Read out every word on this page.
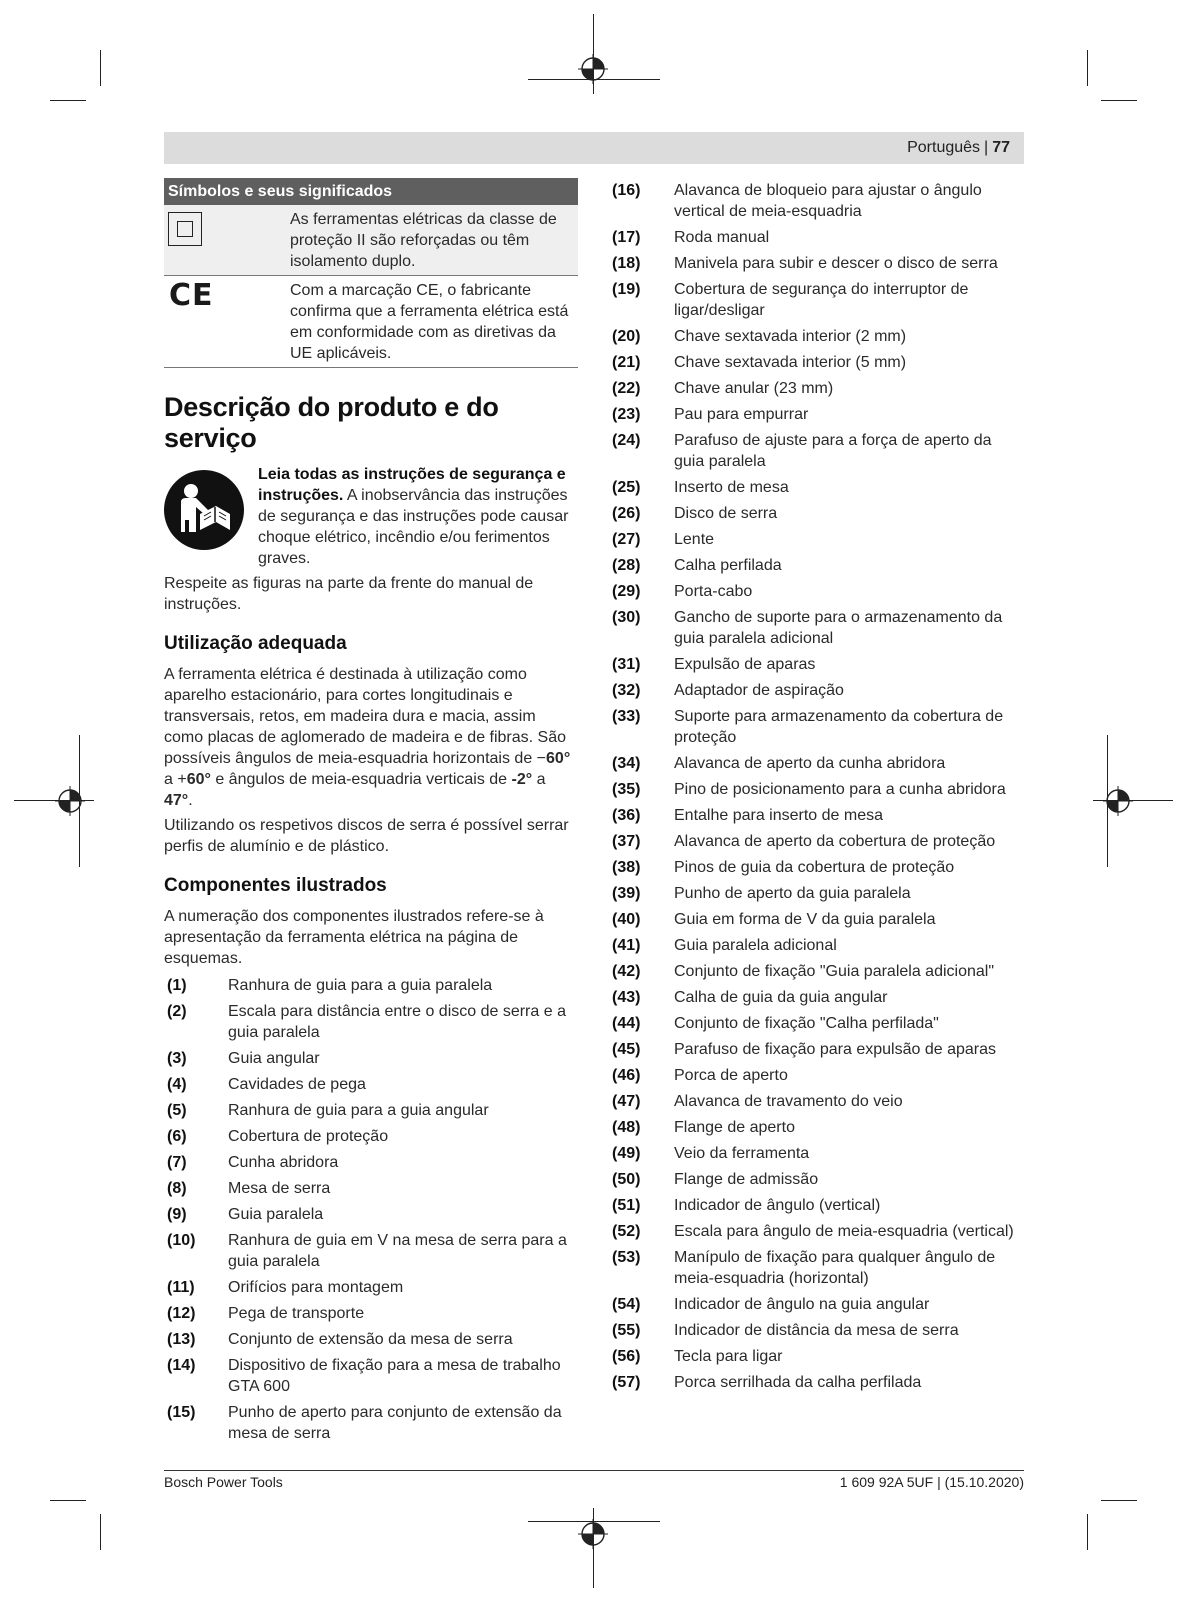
Português | 77
Símbolos e seus significados	

	As ferramentas elétricas da classe de proteção II são reforçadas ou têm isolamento duplo.

CE	Com a marcação CE, o fabricante confirma que a ferramenta elétrica está em conformidade com as diretivas da UE aplicáveis.
Descrição do produto e do serviço

Leia todas as instruções de segurança e instruções. A inobservância das instruções de segurança e das instruções pode causar choque elétrico, incêndio e/ou ferimentos graves.

Respeite as figuras na parte da frente do manual de instruções.

Utilização adequada

A ferramenta elétrica é destinada à utilização como aparelho estacionário, para cortes longitudinais e transversais, retos, em madeira dura e macia, assim como placas de aglomerado de madeira e de fibras. São possíveis ângulos de meia-esquadria horizontais de −60° a +60° e ângulos de meia-esquadria verticais de -2° a 47°.

Utilizando os respetivos discos de serra é possível serrar perfis de alumínio e de plástico.

Componentes ilustrados

A numeração dos componentes ilustrados refere-se à apresentação da ferramenta elétrica na página de esquemas.

(1)	Ranhura de guia para a guia paralela
(2)	Escala para distância entre o disco de serra e a guia paralela
(3)	Guia angular
(4)	Cavidades de pega
(5)	Ranhura de guia para a guia angular
(6)	Cobertura de proteção
(7)	Cunha abridora
(8)	Mesa de serra
(9)	Guia paralela
(10)	Ranhura de guia em V na mesa de serra para a guia paralela
(11)	Orifícios para montagem
(12)	Pega de transporte
(13)	Conjunto de extensão da mesa de serra
(14)	Dispositivo de fixação para a mesa de trabalho GTA 600
(15)	Punho de aperto para conjunto de extensão da mesa de serra
(16)	Alavanca de bloqueio para ajustar o ângulo vertical de meia-esquadria
(17)	Roda manual
(18)	Manivela para subir e descer o disco de serra
(19)	Cobertura de segurança do interruptor de ligar/desligar
(20)	Chave sextavada interior (2 mm)
(21)	Chave sextavada interior (5 mm)
(22)	Chave anular (23 mm)
(23)	Pau para empurrar
(24)	Parafuso de ajuste para a força de aperto da guia paralela
(25)	Inserto de mesa
(26)	Disco de serra
(27)	Lente
(28)	Calha perfilada
(29)	Porta-cabo
(30)	Gancho de suporte para o armazenamento da guia paralela adicional
(31)	Expulsão de aparas
(32)	Adaptador de aspiração
(33)	Suporte para armazenamento da cobertura de proteção
(34)	Alavanca de aperto da cunha abridora
(35)	Pino de posicionamento para a cunha abridora
(36)	Entalhe para inserto de mesa
(37)	Alavanca de aperto da cobertura de proteção
(38)	Pinos de guia da cobertura de proteção
(39)	Punho de aperto da guia paralela
(40)	Guia em forma de V da guia paralela
(41)	Guia paralela adicional
(42)	Conjunto de fixação "Guia paralela adicional"
(43)	Calha de guia da guia angular
(44)	Conjunto de fixação "Calha perfilada"
(45)	Parafuso de fixação para expulsão de aparas
(46)	Porca de aperto
(47)	Alavanca de travamento do veio
(48)	Flange de aperto
(49)	Veio da ferramenta
(50)	Flange de admissão
(51)	Indicador de ângulo (vertical)
(52)	Escala para ângulo de meia-esquadria (vertical)
(53)	Manípulo de fixação para qualquer ângulo de meia-esquadria (horizontal)
(54)	Indicador de ângulo na guia angular
(55)	Indicador de distância da mesa de serra
(56)	Tecla para ligar
(57)	Porca serrilhada da calha perfilada
Bosch Power Tools	1 609 92A 5UF | (15.10.2020)
